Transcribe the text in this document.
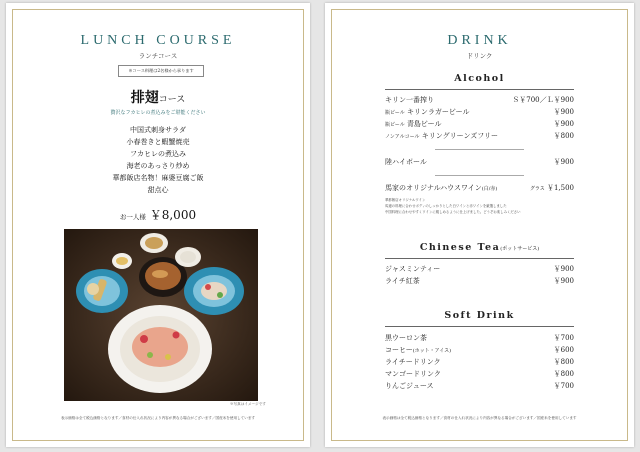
LUNCH COURSE
ランチコース
※コース料理は2名様から承ります
排翅コース
贅沢なフカヒレの煮込みをご堪能ください
中国式刺身サラダ
小春巻きと蝦蟹焼売
フカヒレの煮込み
海老のあっさり炒め
華都飯店名物！麻婆豆腐ご飯
甜点心
お一人様 ￥8,000
※写真はイメージです
表示価格は全て税込価格となります／食材の仕入れ状況により内容が異なる場合がございます／国産米を使用しています
DRINK
ドリンク
Alcohol
キリン一番搾り	Ｓ￥700／Ｌ￥900
瓶ビール キリンラガービール	￥900
瓶ビール 青島ビール	￥900
ノンアルコール キリングリーンズフリー	￥800
陸ハイボール	￥900
馬家のオリジナルハウスワイン(白/赤)	グラス ￥1,500
華都飯店オリジナルワイン
馬遼の料理に合わせボディのしっかりとした白ワインと赤ワインを厳選しました
中国料理に合わせやすくワインに親しめるように仕上げました。どうぞお楽しみください
Chinese Tea(ポットサービス)
ジャスミンティー	￥900
ライチ紅茶	￥900
Soft Drink
黒ウーロン茶	￥700
コーヒー(ホット・アイス)	￥600
ライチードリンク	￥800
マンゴードリンク	￥800
りんごジュース	￥700
表示価格は全て税込価格となります／食材の仕入れ状況により内容が異なる場合がございます／国産米を使用しています
